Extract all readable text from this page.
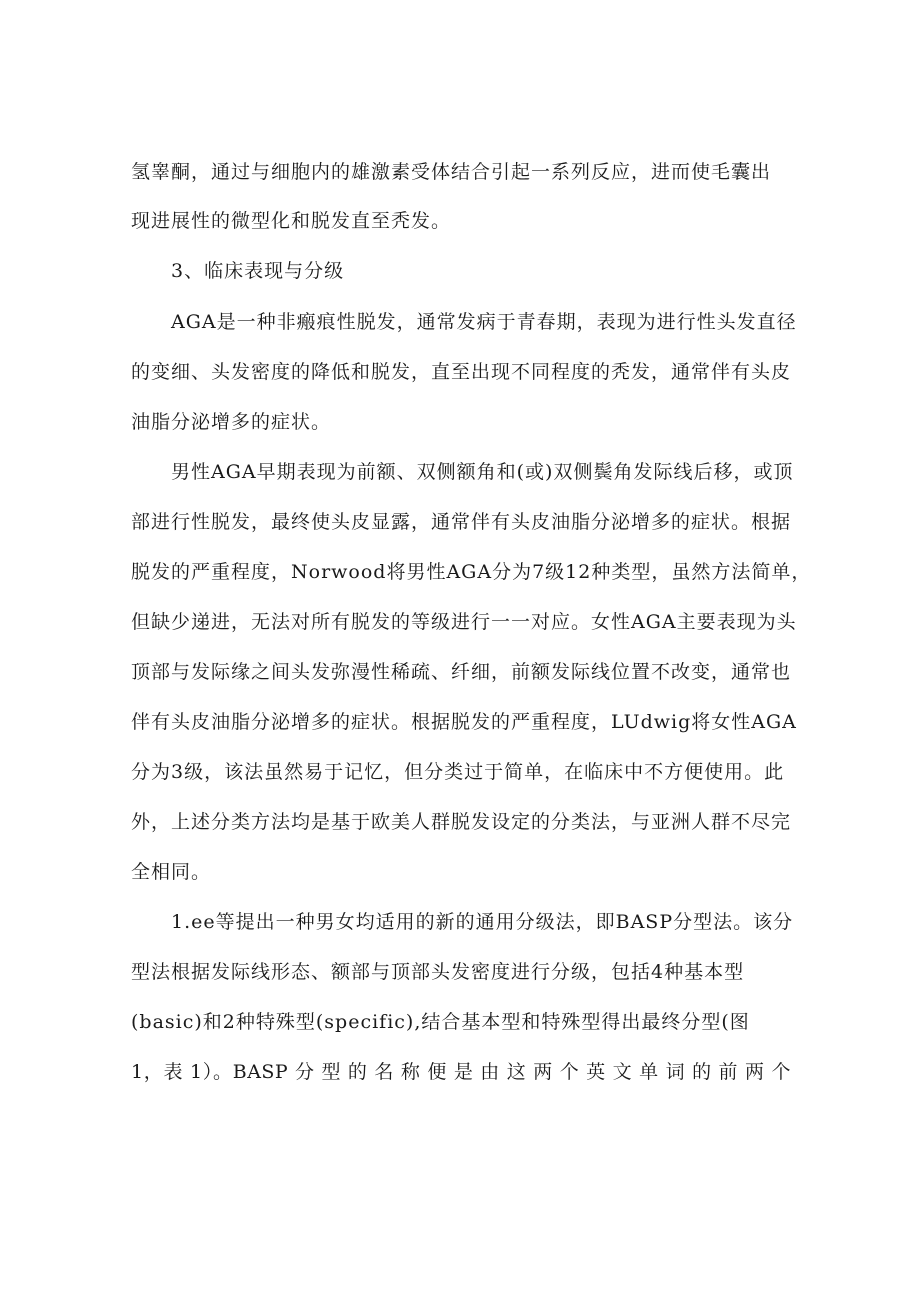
氢睾酮，通过与细胞内的雄激素受体结合引起一系列反应，进而使毛囊出
现进展性的微型化和脱发直至秃发。
3、临床表现与分级
AGA是一种非瘢痕性脱发，通常发病于青春期，表现为进行性头发直径
的变细、头发密度的降低和脱发，直至出现不同程度的秃发，通常伴有头皮
油脂分泌增多的症状。
男性AGA早期表现为前额、双侧额角和(或)双侧鬓角发际线后移，或顶
部进行性脱发，最终使头皮显露，通常伴有头皮油脂分泌增多的症状。根据
脱发的严重程度，Norwood将男性AGA分为7级12种类型，虽然方法简单，
但缺少递进，无法对所有脱发的等级进行一一对应。女性AGA主要表现为头
顶部与发际缘之间头发弥漫性稀疏、纤细，前额发际线位置不改变，通常也
伴有头皮油脂分泌增多的症状。根据脱发的严重程度，LUdwig将女性AGA
分为3级，该法虽然易于记忆，但分类过于简单，在临床中不方便使用。此
外，上述分类方法均是基于欧美人群脱发设定的分类法，与亚洲人群不尽完
全相同。
1.ee等提出一种男女均适用的新的通用分级法，即BASP分型法。该分
型法根据发际线形态、额部与顶部头发密度进行分级，包括4种基本型
(basic)和2种特殊型(specific),结合基本型和特殊型得出最终分型(图
1，表 1）。BASP 分 型 的 名 称 便 是 由 这 两 个 英 文 单 词 的 前 两 个
